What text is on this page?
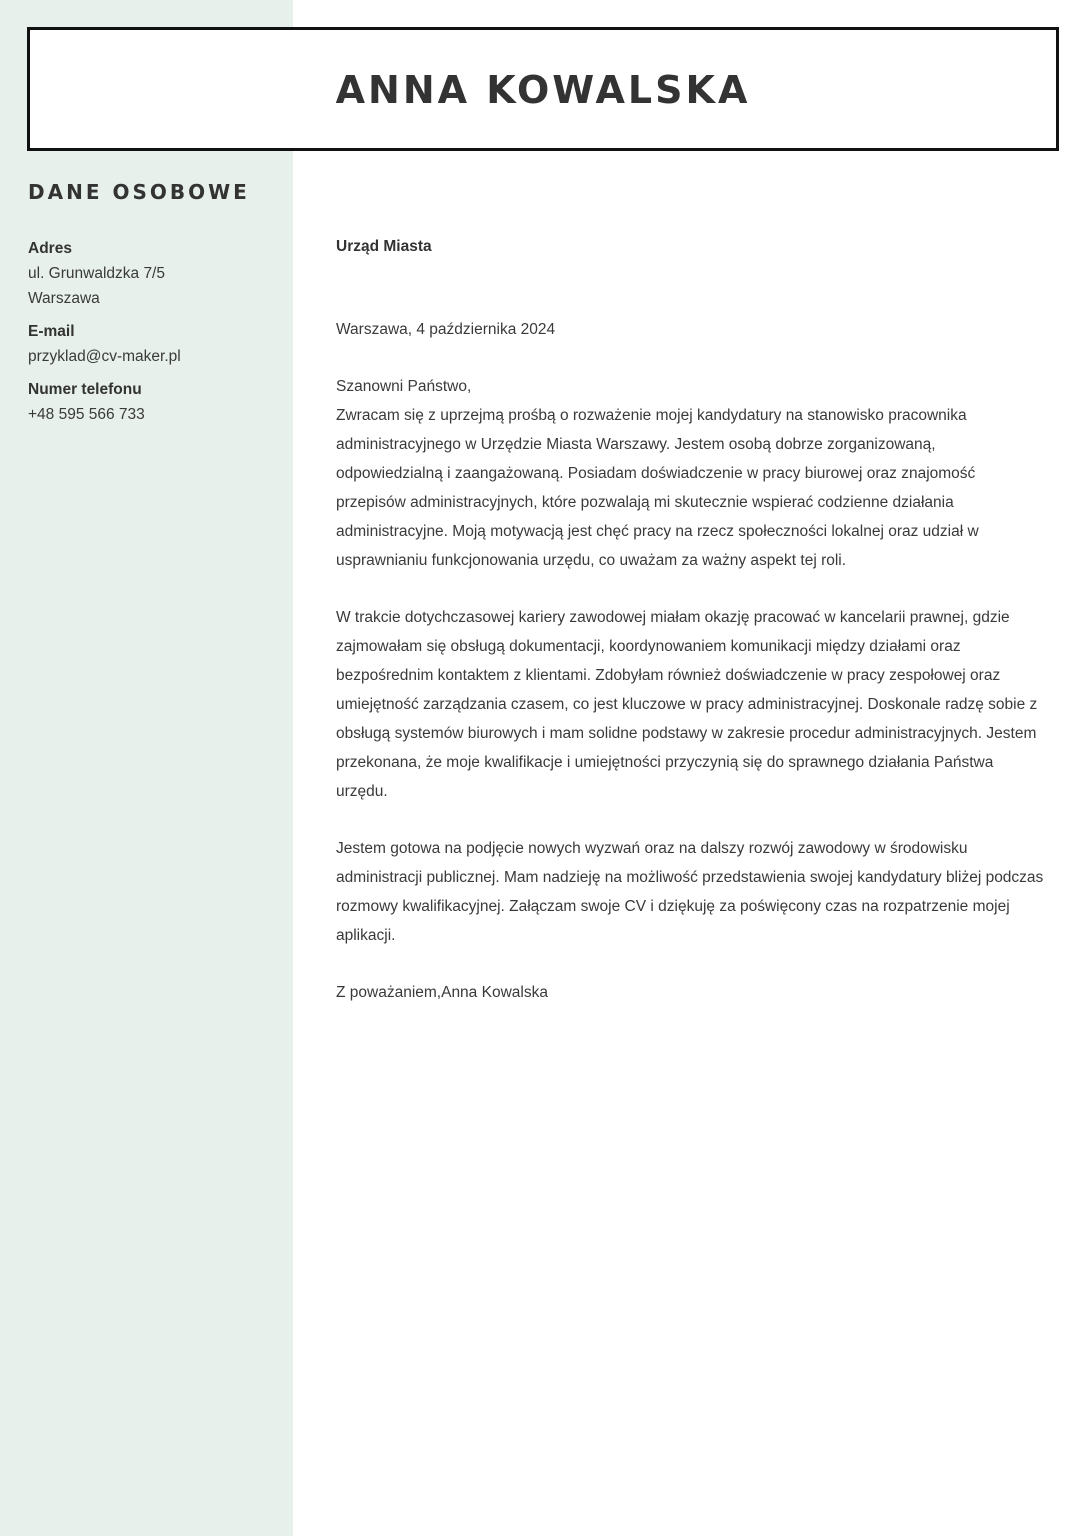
ANNA KOWALSKA
DANE OSOBOWE
Adres
ul. Grunwaldzka 7/5
Warszawa
E-mail
przyklad@cv-maker.pl
Numer telefonu
+48 595 566 733
Urząd Miasta
Warszawa, 4 października 2024
Szanowni Państwo,

Zwracam się z uprzejmą prośbą o rozważenie mojej kandydatury na stanowisko pracownika administracyjnego w Urzędzie Miasta Warszawy. Jestem osobą dobrze zorganizowaną, odpowiedzialną i zaangażowaną. Posiadam doświadczenie w pracy biurowej oraz znajomość przepisów administracyjnych, które pozwalają mi skutecznie wspierać codzienne działania administracyjne. Moją motywacją jest chęć pracy na rzecz społeczności lokalnej oraz udział w usprawnianiu funkcjonowania urzędu, co uważam za ważny aspekt tej roli.

W trakcie dotychczasowej kariery zawodowej miałam okazję pracować w kancelarii prawnej, gdzie zajmowałam się obsługą dokumentacji, koordynowaniem komunikacji między działami oraz bezpośrednim kontaktem z klientami. Zdobyłam również doświadczenie w pracy zespołowej oraz umiejętność zarządzania czasem, co jest kluczowe w pracy administracyjnej. Doskonale radzę sobie z obsługą systemów biurowych i mam solidne podstawy w zakresie procedur administracyjnych. Jestem przekonana, że moje kwalifikacje i umiejętności przyczynią się do sprawnego działania Państwa urzędu.

Jestem gotowa na podjęcie nowych wyzwań oraz na dalszy rozwój zawodowy w środowisku administracji publicznej. Mam nadzieję na możliwość przedstawienia swojej kandydatury bliżej podczas rozmowy kwalifikacyjnej. Załączam swoje CV i dziękuję za poświęcony czas na rozpatrzenie mojej aplikacji.

Z poważaniem,Anna Kowalska
